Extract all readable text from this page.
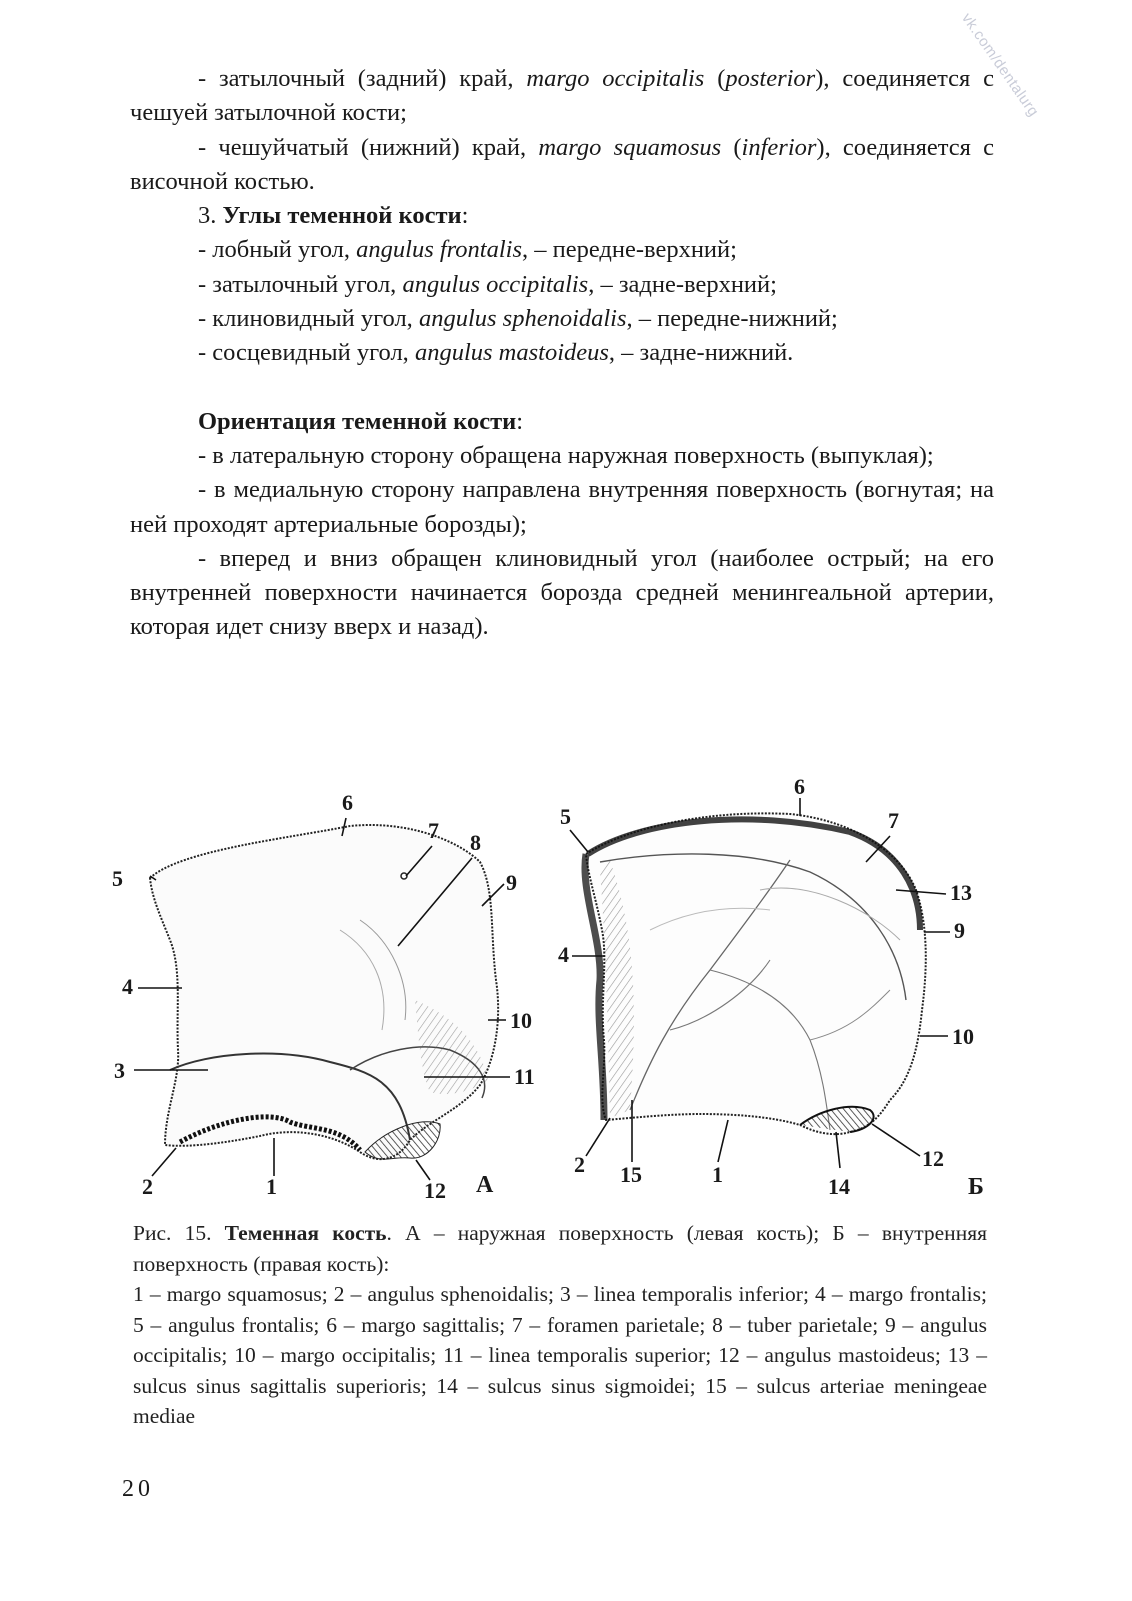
vk.com/dentalurg

- затылочный (задний) край, margo occipitalis (posterior), соединяется с чешуей затылочной кости;

- чешуйчатый (нижний) край, margo squamosus (inferior), соединяется с височной костью.

3. Углы теменной кости:

- лобный угол, angulus frontalis, – передне-верхний;

- затылочный угол, angulus occipitalis, – задне-верхний;

- клиновидный угол, angulus sphenoidalis, – передне-нижний;

- сосцевидный угол, angulus mastoideus, – задне-нижний.

Ориентация теменной кости:

- в латеральную сторону обращена наружная поверхность (выпуклая);

- в медиальную сторону направлена внутренняя поверхность (вогнутая; на ней проходят артериальные борозды);

- вперед и вниз обращен клиновидный угол (наиболее острый; на его внутренней поверхности начинается борозда средней менингеальной артерии, которая идет снизу вверх и назад).

6
7 8
9
5
4
10
3	11
2	1	12 А
6
5	7
13
9
4
10
12
2 15	1	14	Б

Рис. 15. Теменная кость. А – наружная поверхность (левая кость); Б – внутренняя поверхность (правая кость):

1 – margo squamosus; 2 – angulus sphenoidalis; 3 – linea temporalis inferior; 4 – margo frontalis; 5 – angulus frontalis; 6 – margo sagittalis; 7 – foramen parietale; 8 – tuber parietale; 9 – angulus occipitalis; 10 – margo occipitalis; 11 – linea temporalis superior; 12 – angulus mastoideus; 13 – sulcus sinus sagittalis superioris; 14 – sulcus sinus sigmoidei; 15 – sulcus arteriae meningeae mediae

20
